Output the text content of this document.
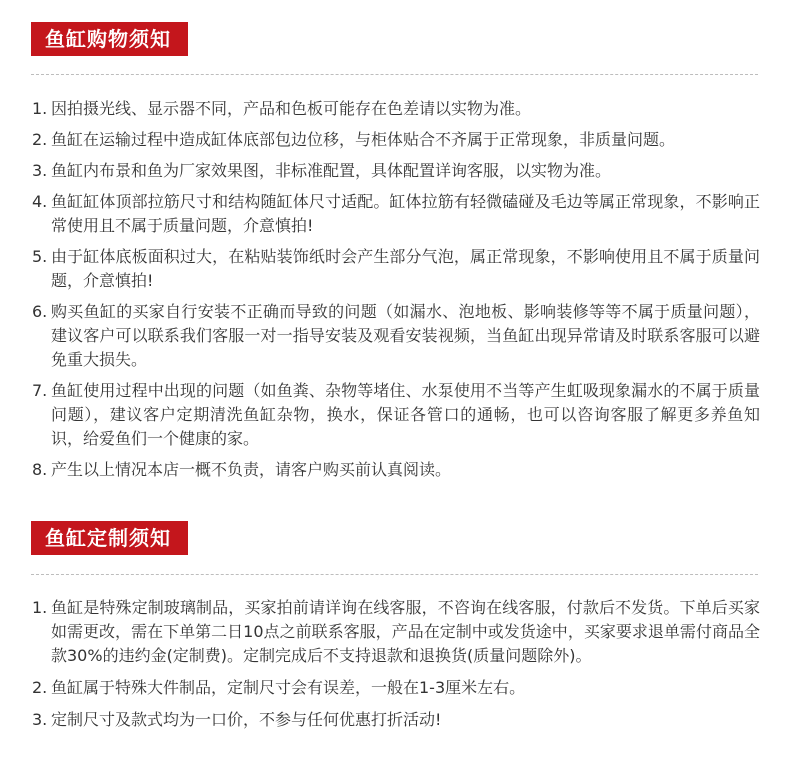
鱼缸购物须知
1. 因拍摄光线、显示器不同，产品和色板可能存在色差请以实物为准。
2. 鱼缸在运输过程中造成缸体底部包边位移，与柜体贴合不齐属于正常现象，非质量问题。
3. 鱼缸内布景和鱼为厂家效果图，非标准配置，具体配置详询客服，以实物为准。
4. 鱼缸缸体顶部拉筋尺寸和结构随缸体尺寸适配。缸体拉筋有轻微磕碰及毛边等属正常现象，不影响正常使用且不属于质量问题，介意慎拍!
5. 由于缸体底板面积过大，在粘贴装饰纸时会产生部分气泡，属正常现象，不影响使用且不属于质量问题，介意慎拍!
6. 购买鱼缸的买家自行安装不正确而导致的问题（如漏水、泡地板、影响装修等等不属于质量问题），建议客户可以联系我们客服一对一指导安装及观看安装视频，当鱼缸出现异常请及时联系客服可以避免重大损失。
7. 鱼缸使用过程中出现的问题（如鱼粪、杂物等堵住、水泵使用不当等产生虹吸现象漏水的不属于质量问题），建议客户定期清洗鱼缸杂物，换水，保证各管口的通畅，也可以咨询客服了解更多养鱼知识，给爱鱼们一个健康的家。
8. 产生以上情况本店一概不负责，请客户购买前认真阅读。
鱼缸定制须知
1. 鱼缸是特殊定制玻璃制品，买家拍前请详询在线客服，不咨询在线客服，付款后不发货。下单后买家如需更改，需在下单第二日10点之前联系客服，产品在定制中或发货途中，买家要求退单需付商品全款30%的违约金(定制费)。定制完成后不支持退款和退换货(质量问题除外)。
2. 鱼缸属于特殊大件制品，定制尺寸会有误差，一般在1-3厘米左右。
3. 定制尺寸及款式均为一口价，不参与任何优惠打折活动!
